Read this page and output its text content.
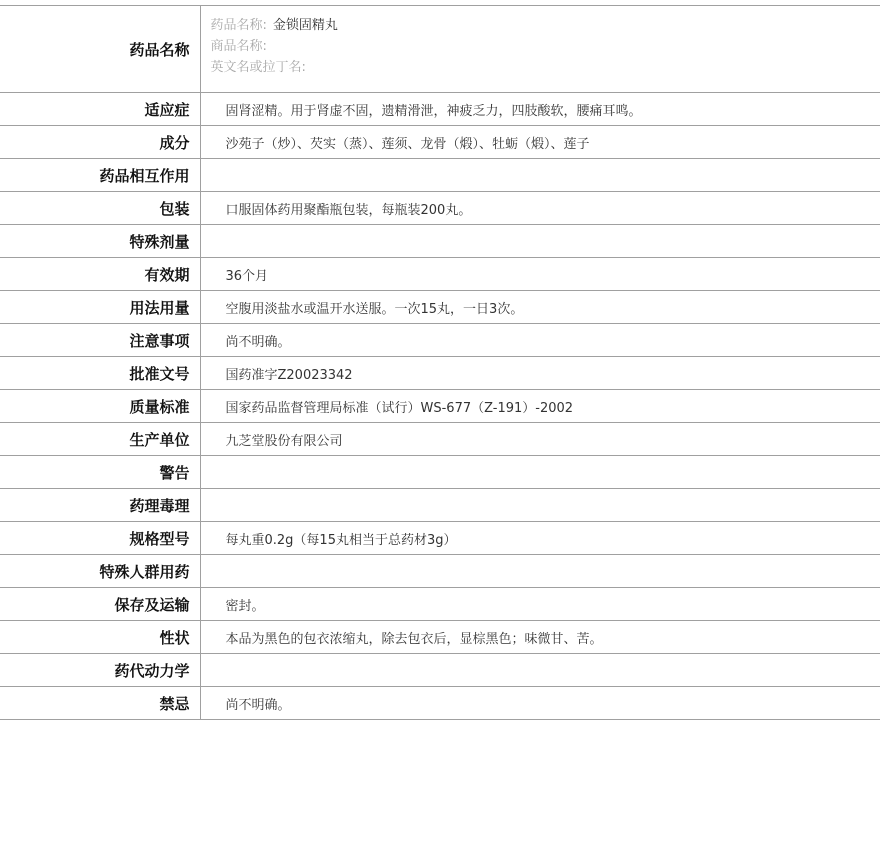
药品名称	药品名称: 金锁固精丸
商品名称:
英文名或拉丁名:

适应症	固肾涩精。用于肾虚不固，遗精滑泄，神疲乏力，四肢酸软，腰痛耳鸣。
成分	沙苑子（炒）、芡实（蒸）、莲须、龙骨（煅）、牡蛎（煅）、莲子
药品相互作用	
包装	口服固体药用聚酯瓶包装，每瓶装200丸。
特殊剂量	
有效期	36个月
用法用量	空腹用淡盐水或温开水送服。一次15丸，一日3次。
注意事项	尚不明确。
批准文号	国药准字Z20023342
质量标准	国家药品监督管理局标准（试行）WS-677（Z-191）-2002
生产单位	九芝堂股份有限公司
警告	
药理毒理	
规格型号	每丸重0.2g（每15丸相当于总药材3g）
特殊人群用药	
保存及运输	密封。
性状	本品为黑色的包衣浓缩丸，除去包衣后，显棕黑色；味微甘、苦。
药代动力学	
禁忌	尚不明确。
